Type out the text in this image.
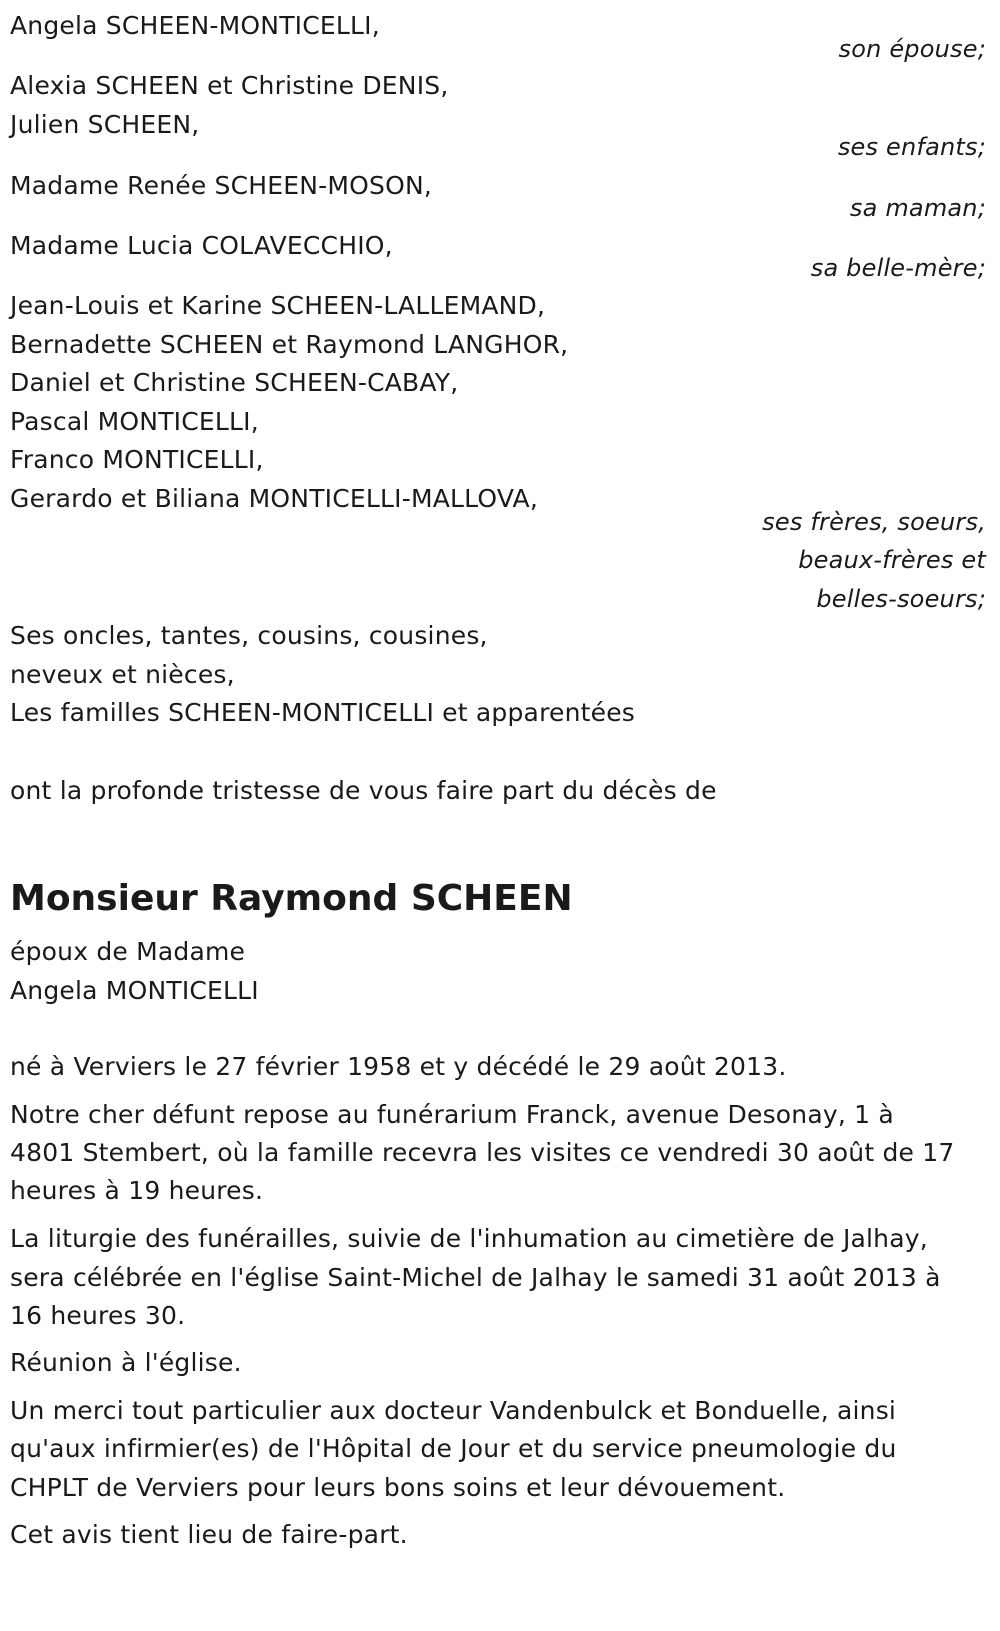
Angela SCHEEN-MONTICELLI,
son épouse;
Alexia SCHEEN et Christine DENIS,
Julien SCHEEN,
ses enfants;
Madame Renée SCHEEN-MOSON,
sa maman;
Madame Lucia COLAVECCHIO,
sa belle-mère;
Jean-Louis et Karine SCHEEN-LALLEMAND,
Bernadette SCHEEN et Raymond LANGHOR,
Daniel et Christine SCHEEN-CABAY,
Pascal MONTICELLI,
Franco MONTICELLI,
Gerardo et Biliana MONTICELLI-MALLOVA,
ses frères, soeurs,
beaux-frères et
belles-soeurs;
Ses oncles, tantes, cousins, cousines,
neveux et nièces,
Les familles SCHEEN-MONTICELLI et apparentées
ont la profonde tristesse de vous faire part du décès de
Monsieur Raymond SCHEEN
époux de Madame
Angela MONTICELLI
né à Verviers le 27 février 1958 et y décédé le 29 août 2013.
Notre cher défunt repose au funérarium Franck, avenue Desonay, 1 à
4801 Stembert, où la famille recevra les visites ce vendredi 30 août de 17
heures à 19 heures.
La liturgie des funérailles, suivie de l'inhumation au cimetière de Jalhay,
sera célébrée en l'église Saint-Michel de Jalhay le samedi 31 août 2013 à
16 heures 30.
Réunion à l'église.
Un merci tout particulier aux docteur Vandenbulck et Bonduelle, ainsi
qu'aux infirmier(es) de l'Hôpital de Jour et du service pneumologie du
CHPLT de Verviers pour leurs bons soins et leur dévouement.
Cet avis tient lieu de faire-part.
